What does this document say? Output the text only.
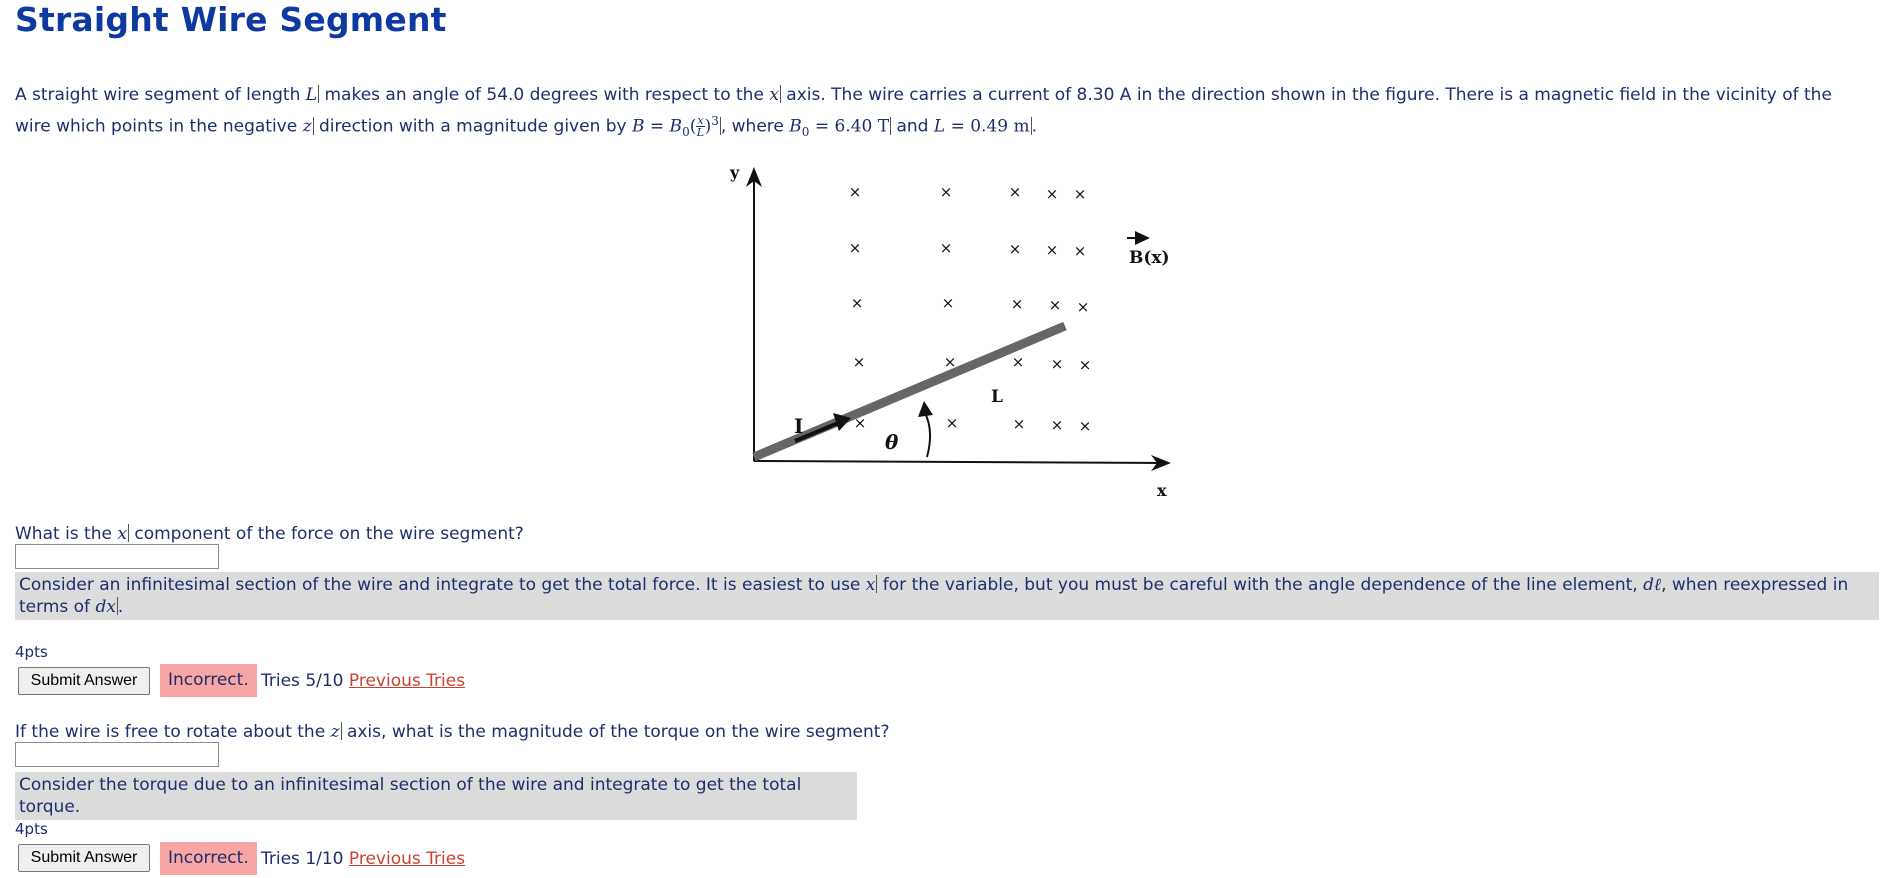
Straight Wire Segment
A straight wire segment of length L makes an angle of 54.0 degrees with respect to the x axis. The wire carries a current of 8.30 A in the direction shown in the figure. There is a magnetic field in the vicinity of the wire which points in the negative z direction with a magnitude given by $B = B_0( \frac{x}{L} )^3$ , where $B_0 = 6.40$ T and L = 0.49 m .
y
x
×	×	× × ×
×	×	× × ×
×	×	× × ×
×	×	× × ×
×	×	× × ×
I
θ
L
B(x)
What is the x component of the force on the wire segment?
Consider an infinitesimal section of the wire and integrate to get the total force. It is easiest to use x for the variable, but you must be careful with the angle dependence of the line element, dℓ, when reexpressed in terms of dx .
4pts
Submit Answer	Incorrect. Tries 5/10 Previous Tries
If the wire is free to rotate about the z axis, what is the magnitude of the torque on the wire segment?
Consider the torque due to an infinitesimal section of the wire and integrate to get the total torque.
4pts
Submit Answer	Incorrect. Tries 1/10 Previous Tries
